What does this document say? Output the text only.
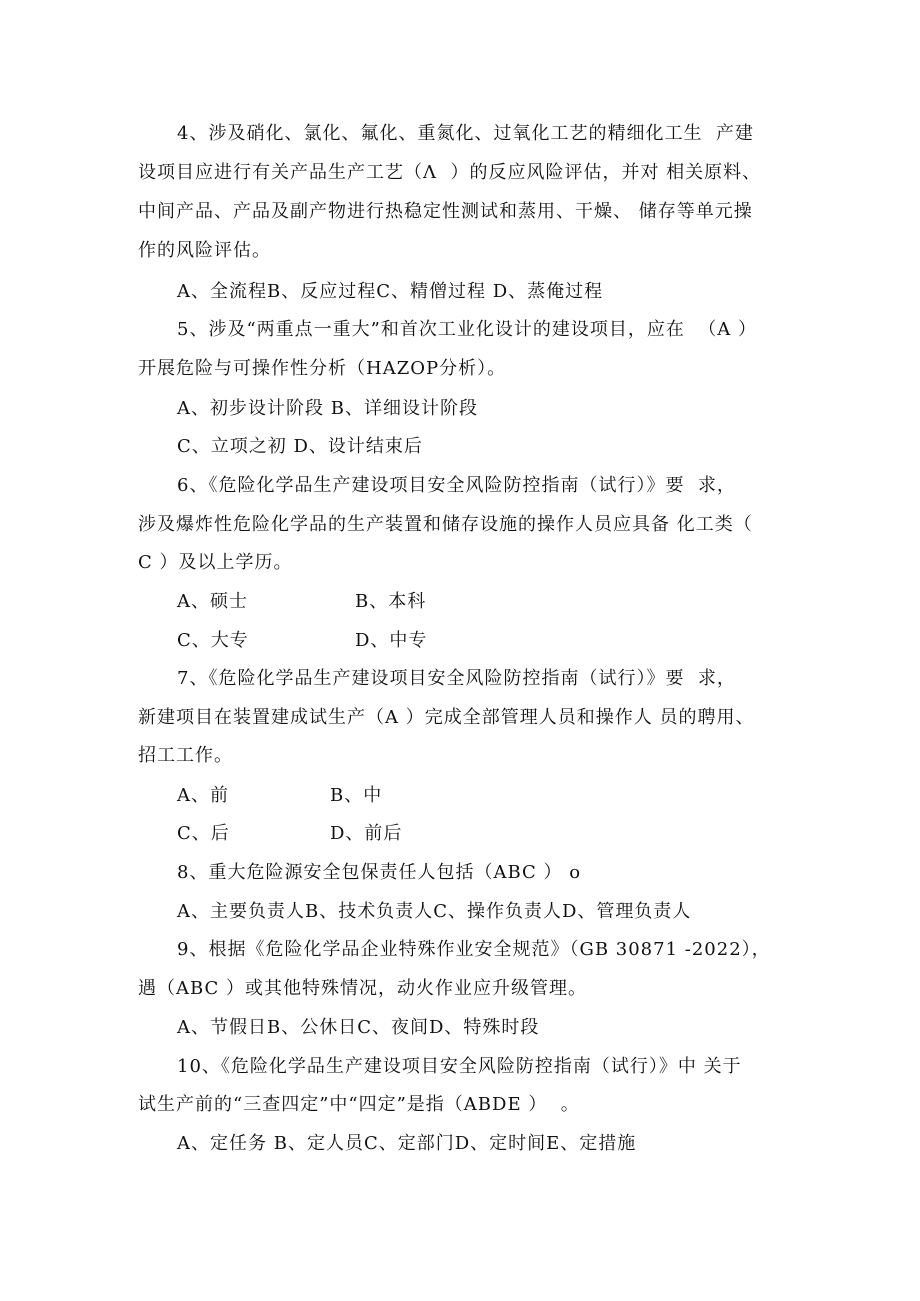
4、涉及硝化、氯化、氟化、重氮化、过氧化工艺的精细化工生  产建
设项目应进行有关产品生产工艺（Λ  ）的反应风险评估，并对 相关原料、
中间产品、产品及副产物进行热稳定性测试和蒸用、干燥、 储存等单元操
作的风险评估。
A、全流程B、反应过程C、精僧过程 D、蒸俺过程
5、涉及“两重点一重大”和首次工业化设计的建设项目，应在  （A ）
开展危险与可操作性分析（HAZOP分析）。
A、初步设计阶段 B、详细设计阶段
C、立项之初 D、设计结束后
6、《危险化学品生产建设项目安全风险防控指南（试行）》要  求，
涉及爆炸性危险化学品的生产装置和储存设施的操作人员应具备 化工类（
C ）及以上学历。
A、硕士	B、本科
C、大专	D、中专
7、《危险化学品生产建设项目安全风险防控指南（试行）》要  求，
新建项目在装置建成试生产（A ）完成全部管理人员和操作人 员的聘用、
招工工作。
A、前	B、中
C、后	D、前后
8、重大危险源安全包保责任人包括（ABC ） o
A、主要负责人B、技术负责人C、操作负责人D、管理负责人
9、根据《危险化学品企业特殊作业安全规范》（GB 30871 -2022），
遇（ABC ）或其他特殊情况，动火作业应升级管理。
A、节假日B、公休日C、夜间D、特殊时段
10、《危险化学品生产建设项目安全风险防控指南（试行）》中 关于
试生产前的“三查四定”中“四定”是指（ABDE ）  。
A、定任务 B、定人员C、定部门D、定时间E、定措施
